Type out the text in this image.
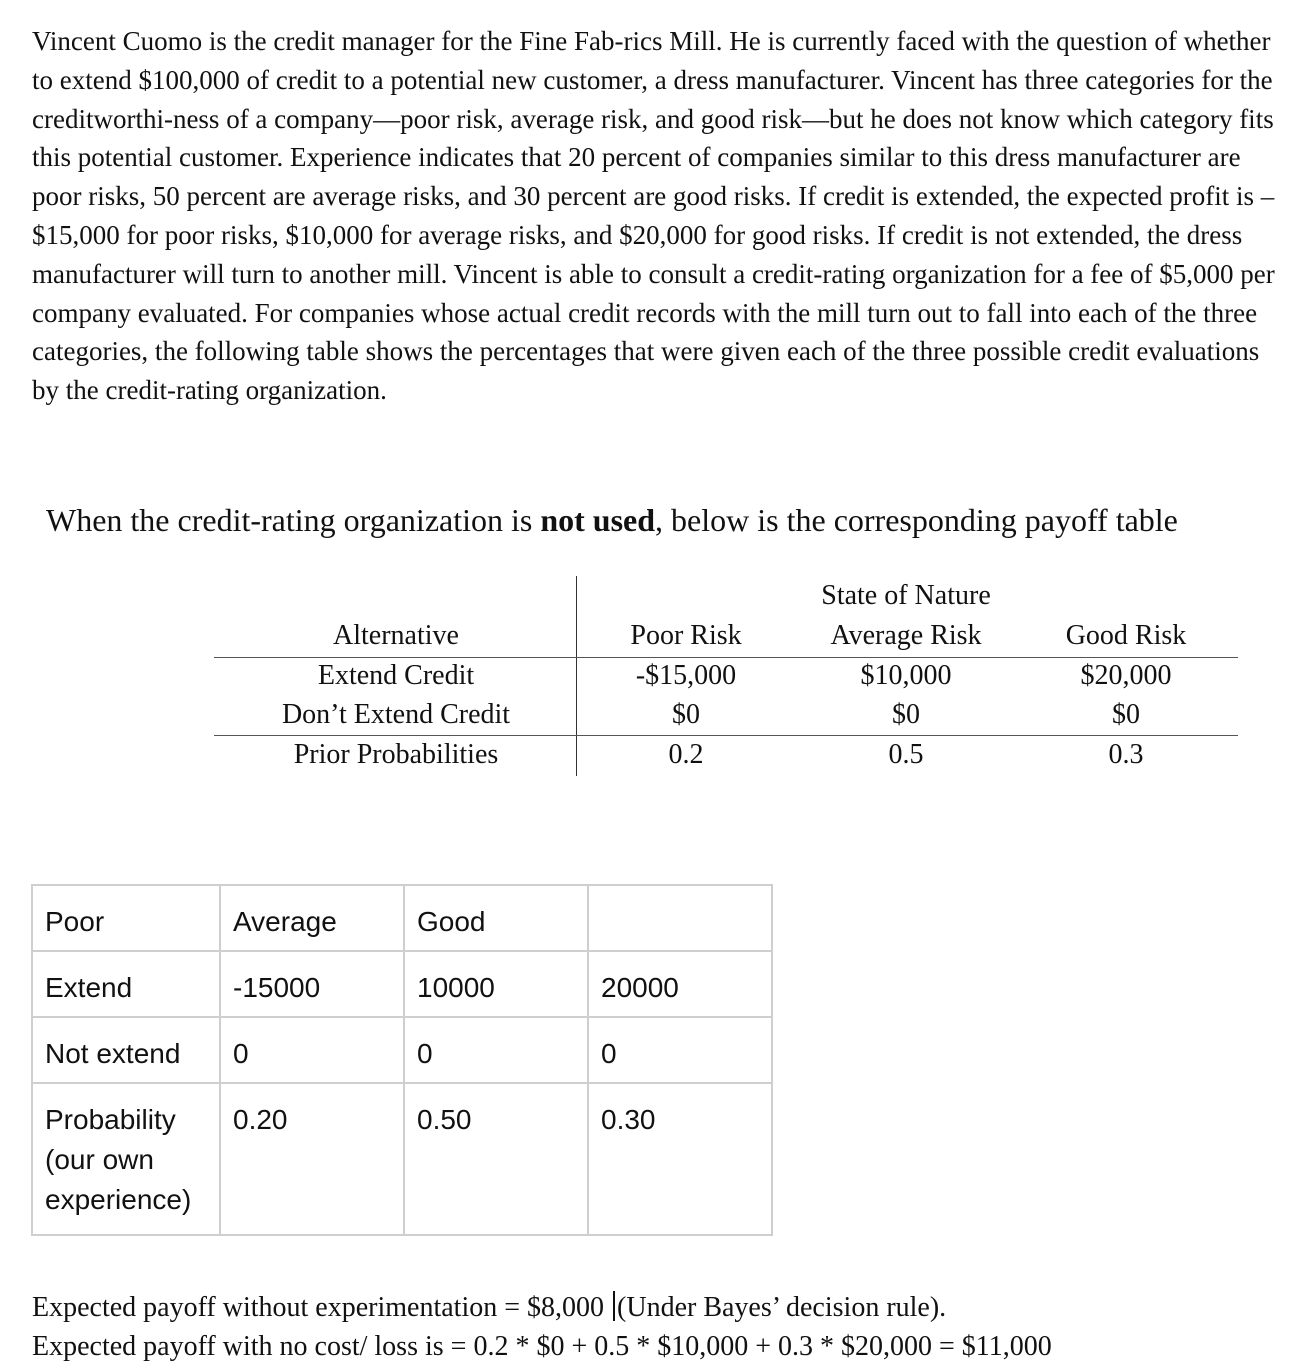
Vincent Cuomo is the credit manager for the Fine Fab-rics Mill. He is currently faced with the question of whether to extend $100,000 of credit to a potential new customer, a dress manufacturer. Vincent has three categories for the creditworthi-ness of a company—poor risk, average risk, and good risk—but he does not know which category fits this potential customer. Experience indicates that 20 percent of companies similar to this dress manufacturer are poor risks, 50 percent are average risks, and 30 percent are good risks. If credit is extended, the expected profit is –$15,000 for poor risks, $10,000 for average risks, and $20,000 for good risks. If credit is not extended, the dress manufacturer will turn to another mill. Vincent is able to consult a credit-rating organization for a fee of $5,000 per company evaluated. For companies whose actual credit records with the mill turn out to fall into each of the three categories, the following table shows the percentages that were given each of the three possible credit evaluations by the credit-rating organization.

When the credit-rating organization is not used, below is the corresponding payoff table

State of Nature
Alternative	Poor Risk	Average Risk	Good Risk
Extend Credit	-$15,000	$10,000	$20,000
Don’t Extend Credit	$0	$0	$0
Prior Probabilities	0.2	0.5	0.3
Poor	Average	Good	

Extend	-15000	10000	20000

Not extend	0	0	0

Probability (our own experience)	0.20	0.50	0.30
Expected payoff without experimentation = $8,000 (Under Bayes’ decision rule).
Expected payoff with no cost/ loss is = 0.2 * $0 + 0.5 * $10,000 + 0.3 * $20,000 = $11,000
